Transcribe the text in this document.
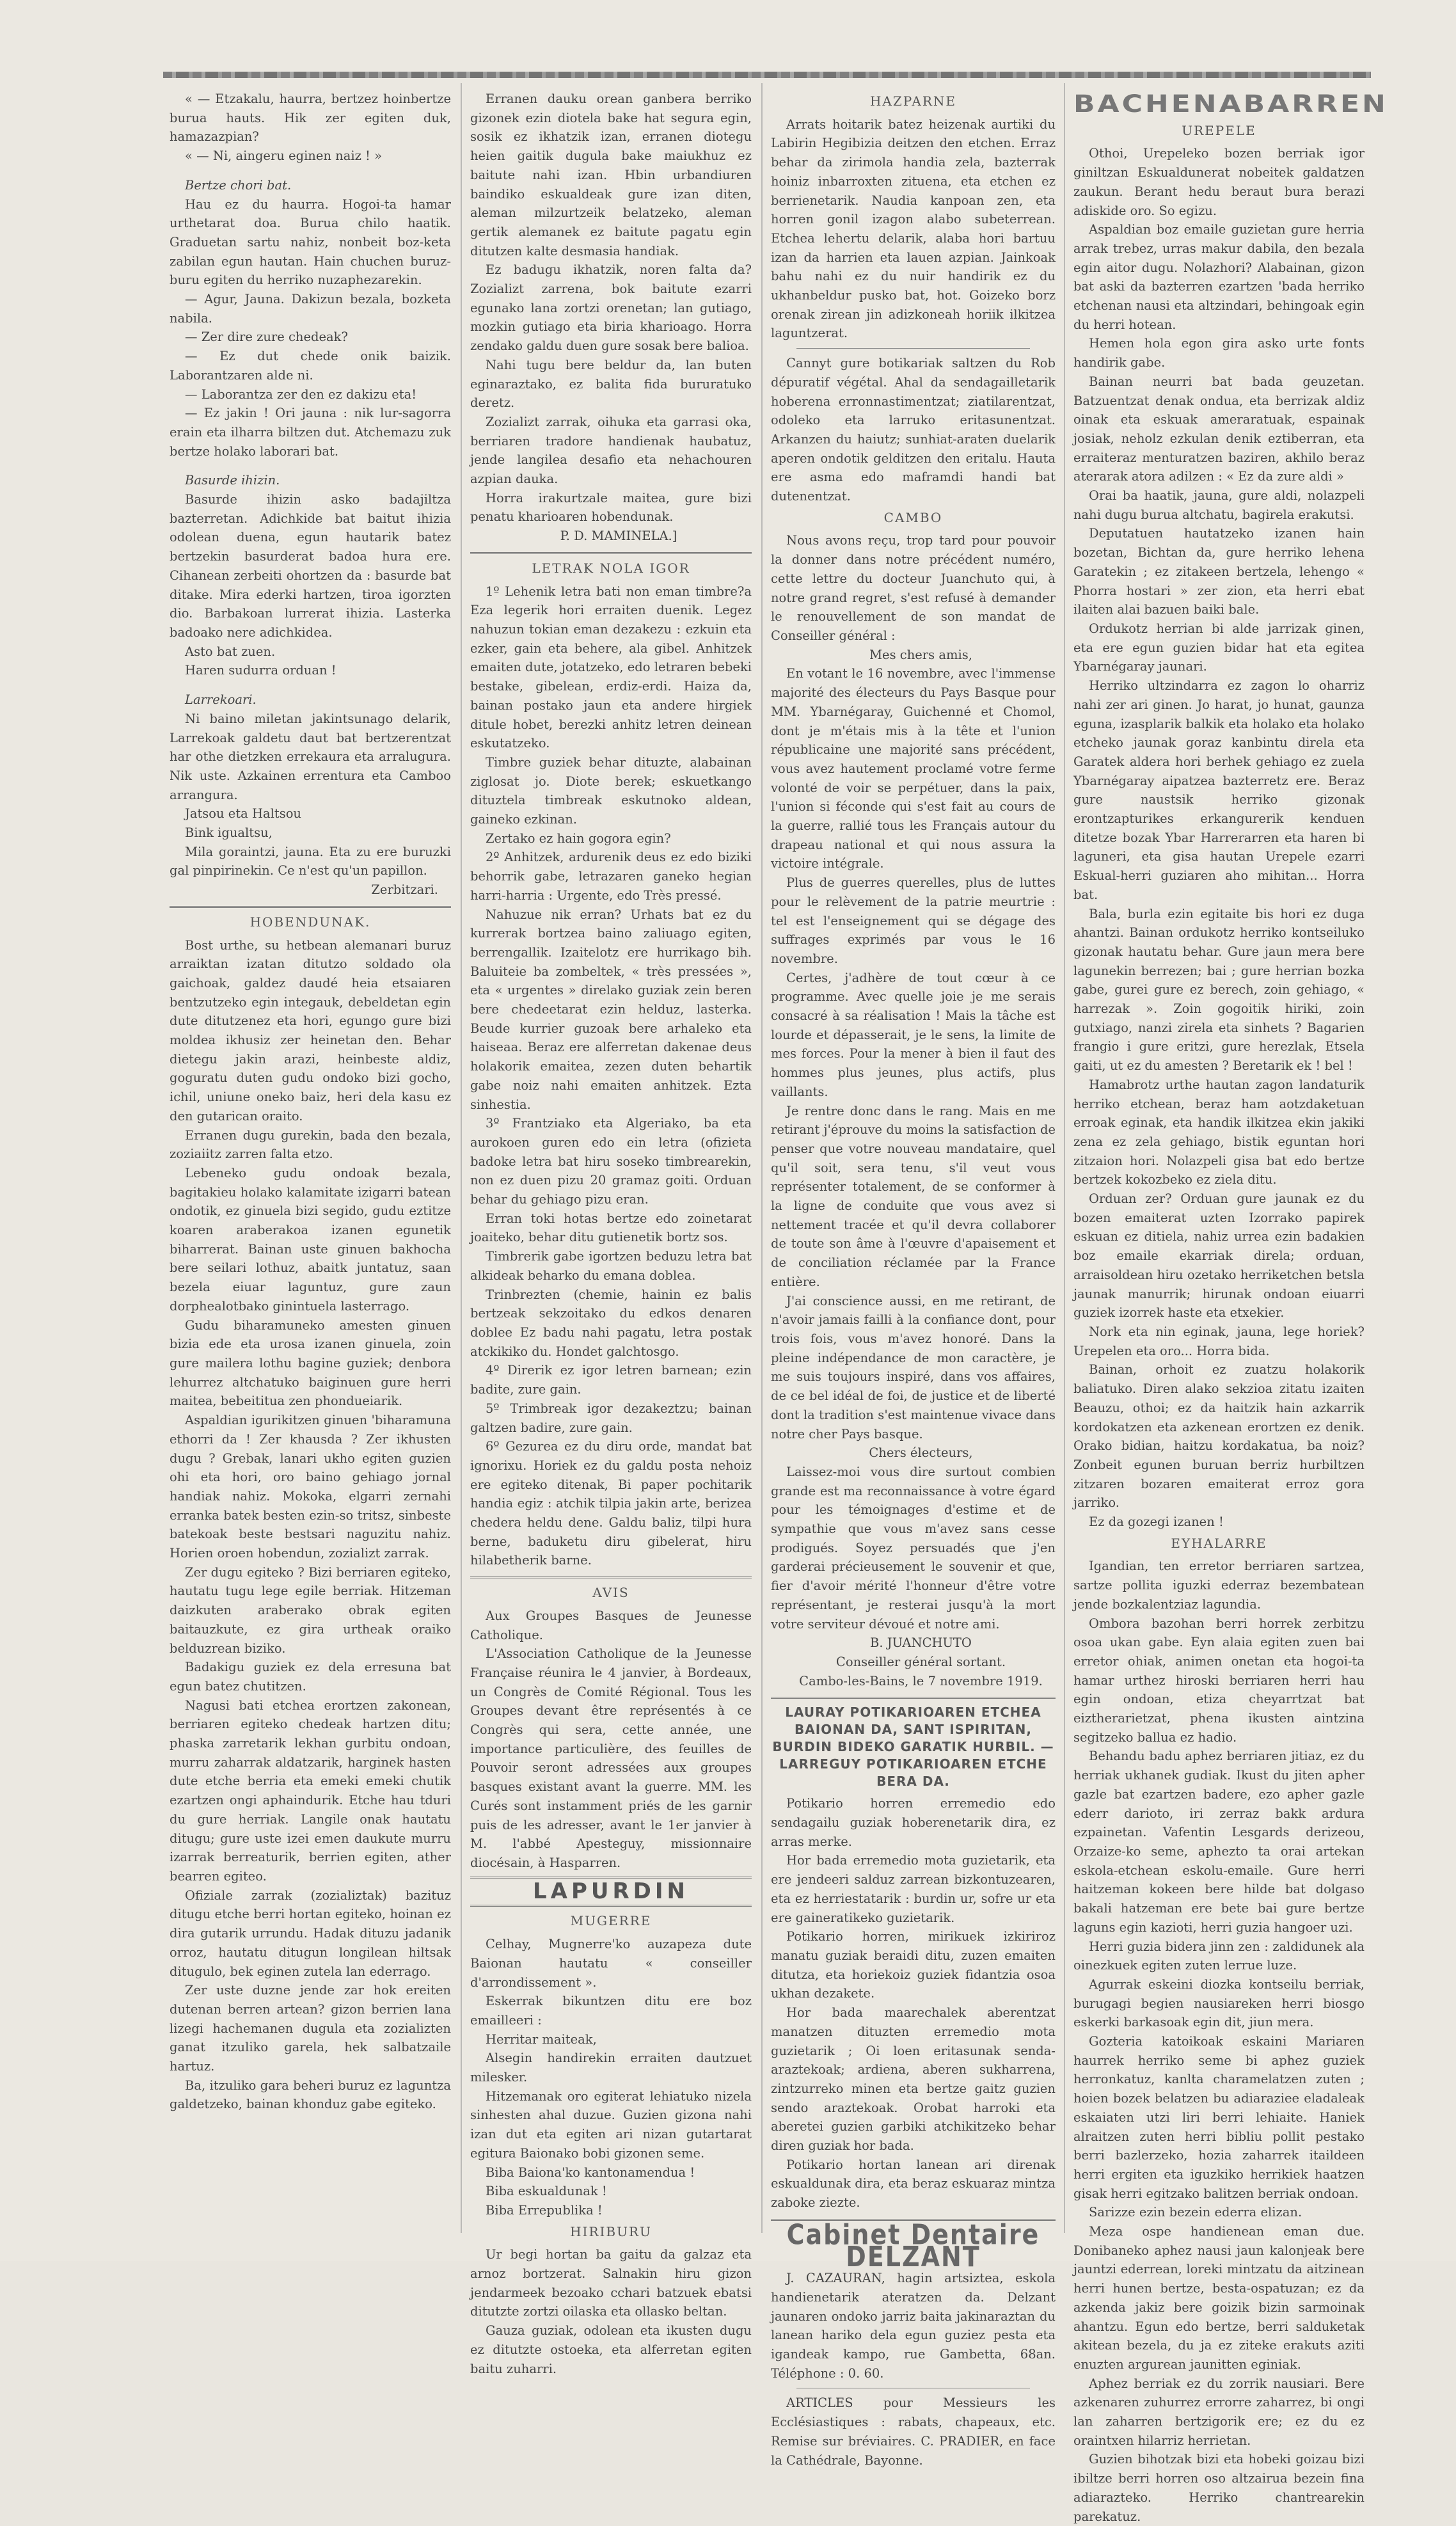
« — Etzakalu, haurra, bertzez hoinbertze burua hauts. Hik zer egiten duk, hamazazpian?

« — Ni, aingeru eginen naiz ! »

Bertze chori bat.

Hau ez du haurra. Hogoi-ta hamar urthetarat doa. Burua chilo haatik. Graduetan sartu nahiz, nonbeit boz-keta zabilan egun hautan. Hain chuchen buruz-buru egiten du herriko nuzaphezarekin.

— Agur, Jauna. Dakizun bezala, bozketa nabila.

— Zer dire zure chedeak?

— Ez dut chede onik baizik. Laborantzaren alde ni.

— Laborantza zer den ez dakizu eta!

— Ez jakin ! Ori jauna : nik lur-sagorra erain eta ilharra biltzen dut. Atchemazu zuk bertze holako laborari bat.

Basurde ihizin.

Basurde ihizin asko badajiltza bazterretan. Adichkide bat baitut ihizia odolean duena, egun hautarik batez bertzekin basurderat badoa hura ere. Cihanean zerbeiti ohortzen da : basurde bat ditake. Mira ederki hartzen, tiroa igorzten dio. Barbakoan lurrerat ihizia. Lasterka badoako nere adichkidea.

Asto bat zuen.

Haren sudurra orduan !

Larrekoari.

Ni baino miletan jakintsunago delarik, Larrekoak galdetu daut bat bertzerentzat har othe dietzken errekaura eta arralugura. Nik uste. Azkainen errentura eta Camboo arrangura.

Jatsou eta Haltsou

Bink igualtsu,

Mila goraintzi, jauna. Eta zu ere buruzki gal pinpirinekin. Ce n'est qu'un papillon.

Zerbitzari.

HOBENDUNAK.

Bost urthe, su hetbean alemanari buruz arraiktan izatan ditutzo soldado ola gaichoak, galdez daudé heia etsaiaren bentzutzeko egin integauk, debeldetan egin dute ditutzenez eta hori, egungo gure bizi moldea ikhusiz zer heinetan den. Behar dietegu jakin arazi, heinbeste aldiz, goguratu duten gudu ondoko bizi gocho, ichil, uniune oneko baiz, heri dela kasu ez den gutarican oraito.

Erranen dugu gurekin, bada den bezala, zoziaiitz zarren falta etzo.

Lebeneko gudu ondoak bezala, bagitakieu holako kalamitate izigarri batean ondotik, ez ginuela bizi segido, gudu eztitze koaren araberakoa izanen egunetik biharrerat. Bainan uste ginuen bakhocha bere seilari lothuz, abaitk juntatuz, saan bezela eiuar laguntuz, gure zaun dorphealotbako ginintuela lasterrago.

Gudu biharamuneko amesten ginuen bizia ede eta urosa izanen ginuela, zoin gure mailera lothu bagine guziek; denbora lehurrez altchatuko baiginuen gure herri maitea, bebeititua zen phondueiarik.

Aspaldian igurikitzen ginuen 'biharamuna ethorri da ! Zer khausda ? Zer ikhusten dugu ? Grebak, lanari ukho egiten guzien ohi eta hori, oro baino gehiago jornal handiak nahiz. Mokoka, elgarri zernahi erranka batek besten ezin-so tritsz, sinbeste batekoak beste bestsari naguzitu nahiz. Horien oroen hobendun, zozializt zarrak.

Zer dugu egiteko ? Bizi berriaren egiteko, hautatu tugu lege egile berriak. Hitzeman daizkuten araberako obrak egiten baitauzkute, ez gira urtheak oraiko belduzrean biziko.

Badakigu guziek ez dela erresuna bat egun batez chutitzen.

Nagusi bati etchea erortzen zakonean, berriaren egiteko chedeak hartzen ditu; phaska zarretarik lekhan gurbitu ondoan, murru zaharrak aldatzarik, harginek hasten dute etche berria eta emeki emeki chutik ezartzen ongi aphaindurik. Etche hau tduri du gure herriak. Langile onak hautatu ditugu; gure uste izei emen daukute murru izarrak berreaturik, berrien egiten, ather bearren egiteo.

Ofiziale zarrak (zozializtak) bazituz ditugu etche berri hortan egiteko, hoinan ez dira gutarik urrundu. Hadak dituzu jadanik orroz, hautatu ditugun longilean hiltsak ditugulo, bek eginen zutela lan ederrago.

Zer uste duzne jende zar hok ereiten dutenan berren artean? gizon berrien lana lizegi hachemanen dugula eta zozializten ganat itzuliko garela, hek salbatzaile hartuz.

Ba, itzuliko gara beheri buruz ez laguntza galdetzeko, bainan khonduz gabe egiteko.

Erranen dauku orean ganbera berriko gizonek ezin diotela bake hat segura egin, sosik ez ikhatzik izan, erranen diotegu heien gaitik dugula bake maiukhuz ez baitute nahi izan. Hbin urbandiuren baindiko eskualdeak gure izan diten, aleman milzurtzeik belatzeko, aleman gertik alemanek ez baitute pagatu egin ditutzen kalte desmasia handiak.

Ez badugu ikhatzik, noren falta da? Zozializt zarrena, bok baitute ezarri egunako lana zortzi orenetan; lan gutiago, mozkin gutiago eta biria kharioago. Horra zendako galdu duen gure sosak bere balioa.

Nahi tugu bere beldur da, lan buten eginaraztako, ez balita fida bururatuko deretz.

Zozializt zarrak, oihuka eta garrasi oka, berriaren tradore handienak haubatuz, jende langilea desafio eta nehachouren azpian dauka.

Horra irakurtzale maitea, gure bizi penatu kharioaren hobendunak.

P. D. MAMINELA.]

LETRAK NOLA IGOR

1º Lehenik letra bati non eman timbre?a Eza legerik hori erraiten duenik. Legez nahuzun tokian eman dezakezu : ezkuin eta ezker, gain eta behere, ala gibel. Anhitzek emaiten dute, jotatzeko, edo letraren bebeki bestake, gibelean, erdiz-erdi. Haiza da, bainan postako jaun eta andere hirgiek ditule hobet, berezki anhitz letren deinean eskutatzeko.

Timbre guziek behar dituzte, alabainan ziglosat jo. Diote berek; eskuetkango dituztela timbreak eskutnoko aldean, gaineko ezkinan.

Zertako ez hain gogora egin?

2º Anhitzek, ardurenik deus ez edo biziki behorrik gabe, letrazaren ganeko hegian harri-harria : Urgente, edo Très pressé.

Nahuzue nik erran? Urhats bat ez du kurrerak bortzea baino zaliuago egiten, berrengallik. Izaitelotz ere hurrikago bih. Baluiteie ba zombeltek, « très pressées », eta « urgentes » direlako guziak zein beren bere chedeetarat ezin helduz, lasterka. Beude kurrier guzoak bere arhaleko eta haiseaa. Beraz ere alferretan dakenae deus holakorik emaitea, zezen duten behartik gabe noiz nahi emaiten anhitzek. Ezta sinhestia.

3º Frantziako eta Algeriako, ba eta aurokoen guren edo ein letra (ofizieta badoke letra bat hiru soseko timbrearekin, non ez duen pizu 20 gramaz goiti. Orduan behar du gehiago pizu eran.

Erran toki hotas bertze edo zoinetarat joaiteko, behar ditu gutienetik bortz sos.

Timbrerik gabe igortzen beduzu letra bat alkideak beharko du emana doblea.

Trinbrezten (chemie, hainin ez balis bertzeak sekzoitako du edkos denaren doblee Ez badu nahi pagatu, letra postak atckikiko du. Hondet galchtosgo.

4º Direrik ez igor letren barnean; ezin badite, zure gain.

5º Trimbreak igor dezakeztzu; bainan galtzen badire, zure gain.

6º Gezurea ez du diru orde, mandat bat ignorixu. Horiek ez du galdu posta nehoiz ere egiteko ditenak, Bi paper pochitarik handia egiz : atchik tilpia jakin arte, berizea chedera heldu dene. Galdu baliz, tilpi hura berne, baduketu diru gibelerat, hiru hilabetherik barne.

AVIS

Aux Groupes Basques de Jeunesse Catholique.

L'Association Catholique de la Jeunesse Française réunira le 4 janvier, à Bordeaux, un Congrès de Comité Régional. Tous les Groupes devant être représentés à ce Congrès qui sera, cette année, une importance particulière, des feuilles de Pouvoir seront adressées aux groupes basques existant avant la guerre. MM. les Curés sont instamment priés de les garnir puis de les adresser, avant le 1er janvier à M. l'abbé Apesteguy, missionnaire diocésain, à Hasparren.

LAPURDIN
MUGERRE

Celhay, Mugnerre'ko auzapeza dute Baionan hautatu « conseiller d'arrondissement ».

Eskerrak bikuntzen ditu ere boz emailleeri :

Herritar maiteak,

Alsegin handirekin erraiten dautzuet milesker.

Hitzemanak oro egiterat lehiatuko nizela sinhesten ahal duzue. Guzien gizona nahi izan dut eta egiten ari nizan gutartarat egitura Baionako bobi gizonen seme.

Biba Baiona'ko kantonamendua !

Biba eskualdunak !

Biba Errepublika !

HIRIBURU

Ur begi hortan ba gaitu da galzaz eta arnoz bortzerat. Salnakin hiru gizon jendarmeek bezoako cchari batzuek ebatsi ditutzte zortzi oilaska eta ollasko beltan.

Gauza guziak, odolean eta ikusten dugu ez ditutzte ostoeka, eta alferretan egiten baitu zuharri.

HAZPARNE

Arrats hoitarik batez heizenak aurtiki du Labirin Hegibizia deitzen den etchen. Erraz behar da zirimola handia zela, bazterrak hoiniz inbarroxten zituena, eta etchen ez berrienetarik. Naudia kanpoan zen, eta horren gonil izagon alabo subeterrean. Etchea lehertu delarik, alaba hori bartuu izan da harrien eta lauen azpian. Jainkoak bahu nahi ez du nuir handirik ez du ukhanbeldur pusko bat, hot. Goizeko borz orenak zirean jin adizkoneah horiik ilkitzea laguntzerat.

Cannyt gure botikariak saltzen du Rob dépuratif végétal. Ahal da sendagailletarik hoberena erronnastimentzat; ziatilarentzat, odoleko eta larruko eritasunentzat. Arkanzen du haiutz; sunhiat-araten duelarik aperen ondotik gelditzen den eritalu. Hauta ere asma edo maframdi handi bat dutenentzat.

CAMBO

Nous avons reçu, trop tard pour pouvoir la donner dans notre précédent numéro, cette lettre du docteur Juanchuto qui, à notre grand regret, s'est refusé à demander le renouvellement de son mandat de Conseiller général :

Mes chers amis,

En votant le 16 novembre, avec l'immense majorité des électeurs du Pays Basque pour MM. Ybarnégaray, Guichenné et Chomol, dont je m'étais mis à la tête et l'union républicaine une majorité sans précédent, vous avez hautement proclamé votre ferme volonté de voir se perpétuer, dans la paix, l'union si féconde qui s'est fait au cours de la guerre, rallié tous les Français autour du drapeau national et qui nous assura la victoire intégrale.

Plus de guerres querelles, plus de luttes pour le relèvement de la patrie meurtrie : tel est l'enseignement qui se dégage des suffrages exprimés par vous le 16 novembre.

Certes, j'adhère de tout cœur à ce programme. Avec quelle joie je me serais consacré à sa réalisation ! Mais la tâche est lourde et dépasserait, je le sens, la limite de mes forces. Pour la mener à bien il faut des hommes plus jeunes, plus actifs, plus vaillants.

Je rentre donc dans le rang. Mais en me retirant j'éprouve du moins la satisfaction de penser que votre nouveau mandataire, quel qu'il soit, sera tenu, s'il veut vous représenter totalement, de se conformer à la ligne de conduite que vous avez si nettement tracée et qu'il devra collaborer de toute son âme à l'œuvre d'apaisement et de conciliation réclamée par la France entière.

J'ai conscience aussi, en me retirant, de n'avoir jamais failli à la confiance dont, pour trois fois, vous m'avez honoré. Dans la pleine indépendance de mon caractère, je me suis toujours inspiré, dans vos affaires, de ce bel idéal de foi, de justice et de liberté dont la tradition s'est maintenue vivace dans notre cher Pays basque.

Chers électeurs,

Laissez-moi vous dire surtout combien grande est ma reconnaissance à votre égard pour les témoignages d'estime et de sympathie que vous m'avez sans cesse prodigués. Soyez persuadés que j'en garderai précieusement le souvenir et que, fier d'avoir mérité l'honneur d'être votre représentant, je resterai jusqu'à la mort votre serviteur dévoué et notre ami.

B. JUANCHUTO

Conseiller général sortant.

Cambo-les-Bains, le 7 novembre 1919.

LAURAY POTIKARIOAREN ETCHEA BAIONAN DA, SANT ISPIRITAN, BURDIN BIDEKO GARATIK HURBIL. — LARREGUY POTIKARIOAREN ETCHE BERA DA.

Potikario horren erremedio edo sendagailu guziak hoberenetarik dira, ez arras merke.

Hor bada erremedio mota guzietarik, eta ere jendeeri salduz zarrean bizkontuzearen, eta ez herriestatarik : burdin ur, sofre ur eta ere gaineratikeko guzietarik.

Potikario horren, mirikuek izkiriroz manatu guziak beraidi ditu, zuzen emaiten ditutza, eta horiekoiz guziek fidantzia osoa ukhan dezakete.

Hor bada maarechalek aberentzat manatzen dituzten erremedio mota guzietarik ; Oi loen eritasunak senda-araztekoak; ardiena, aberen sukharrena, zintzurreko minen eta bertze gaitz guzien sendo araztekoak. Orobat harroki eta aberetei guzien garbiki atchikitzeko behar diren guziak hor bada.

Potikario hortan lanean ari direnak eskualdunak dira, eta beraz eskuaraz mintza zaboke ziezte.

Cabinet Dentaire DELZANT

J. CAZAURAN, hagin artsiztea, eskola handienetarik ateratzen da. Delzant jaunaren ondoko jarriz baita jakinaraztan du lanean hariko dela egun guziez pesta eta igandeak kampo, rue Gambetta, 68an. Téléphone : 0. 60.

ARTICLES pour Messieurs les Ecclésiastiques : rabats, chapeaux, etc. Remise sur bréviaires. C. PRADIER, en face la Cathédrale, Bayonne.

BACHENABARREN
UREPELE

Othoi, Urepeleko bozen berriak igor giniltzan Eskualdunerat nobeitek galdatzen zaukun. Berant hedu beraut bura berazi adiskide oro. So egizu.

Aspaldian boz emaile guzietan gure herria arrak trebez, urras makur dabila, den bezala egin aitor dugu. Nolazhori? Alabainan, gizon bat aski da bazterren ezartzen 'bada herriko etchenan nausi eta altzindari, behingoak egin du herri hotean.

Hemen hola egon gira asko urte fonts handirik gabe.

Bainan neurri bat bada geuzetan. Batzuentzat denak ondua, eta berrizak aldiz oinak eta eskuak ameraratuak, espainak josiak, neholz ezkulan denik eztiberran, eta erraiteraz menturatzen baziren, akhilo beraz aterarak atora adilzen : « Ez da zure aldi »

Orai ba haatik, jauna, gure aldi, nolazpeli nahi dugu burua altchatu, bagirela erakutsi.

Deputatuen hautatzeko izanen hain bozetan, Bichtan da, gure herriko lehena Garatekin ; ez zitakeen bertzela, lehengo « Phorra hostari » zer zion, eta herri ebat ilaiten alai bazuen baiki bale.

Ordukotz herrian bi alde jarrizak ginen, eta ere egun guzien bidar hat eta egitea Ybarnégaray jaunari.

Herriko ultzindarra ez zagon lo oharriz nahi zer ari ginen. Jo harat, jo hunat, gaunza eguna, izasplarik balkik eta holako eta holako etcheko jaunak goraz kanbintu direla eta Garatek aldera hori berhek gehiago ez zuela Ybarnégaray aipatzea bazterretz ere. Beraz gure naustsik herriko gizonak erontzapturikes erkangurerik kenduen ditetze bozak Ybar Harrerarren eta haren bi laguneri, eta gisa hautan Urepele ezarri Eskual-herri guziaren aho mihitan... Horra bat.

Bala, burla ezin egitaite bis hori ez duga ahantzi. Bainan ordukotz herriko kontseiluko gizonak hautatu behar. Gure jaun mera bere lagunekin berrezen; bai ; gure herrian bozka gabe, gurei gure ez berech, zoin gehiago, « harrezak ». Zoin gogoitik hiriki, zoin gutxiago, nanzi zirela eta sinhets ? Bagarien frangio i gure eritzi, gure herezlak, Etsela gaiti, ut ez du amesten ? Beretarik ek ! bel !

Hamabrotz urthe hautan zagon landaturik herriko etchean, beraz ham aotzdaketuan erroak eginak, eta handik ilkitzea ekin jakiki zena ez zela gehiago, bistik eguntan hori zitzaion hori. Nolazpeli gisa bat edo bertze bertzek kokozbeko ez ziela ditu.

Orduan zer? Orduan gure jaunak ez du bozen emaiterat uzten Izorrako papirek eskuan ez ditiela, nahiz urrea ezin badakien boz emaile ekarriak direla; orduan, arraisoldean hiru ozetako herriketchen betsla jaunak manurrik; hirunak ondoan eiuarri guziek izorrek haste eta etxekier.

Nork eta nin eginak, jauna, lege horiek? Urepelen eta oro... Horra bida.

Bainan, orhoit ez zuatzu holakorik baliatuko. Diren alako sekzioa zitatu izaiten Beauzu, othoi; ez da haitzik hain azkarrik kordokatzen eta azkenean erortzen ez denik. Orako bidian, haitzu kordakatua, ba noiz? Zonbeit egunen buruan berriz hurbiltzen zitzaren bozaren emaiterat erroz gora jarriko.

Ez da gozegi izanen !

EYHALARRE

Igandian, ten erretor berriaren sartzea, sartze pollita iguzki ederraz bezembatean jende bozkalentziaz lagundia.

Ombora bazohan berri horrek zerbitzu osoa ukan gabe. Eyn alaia egiten zuen bai erretor ohiak, animen onetan eta hogoi-ta hamar urthez hiroski berriaren herri hau egin ondoan, etiza cheyarrtzat bat eiztherarietzat, phena ikusten aintzina segitzeko ballua ez hadio.

Behandu badu aphez berriaren jitiaz, ez du herriak ukhanek gudiak. Ikust du jiten apher gazle bat ezartzen badere, ezo apher gazle ederr darioto, iri zerraz bakk ardura ezpainetan. Vafentin Lesgards derizeou, Orzaize-ko seme, aphezto ta orai artekan eskola-etchean eskolu-emaile. Gure herri haitzeman kokeen bere hilde bat dolgaso bakali hatzeman ere bete bai gure bertze laguns egin kazioti, herri guzia hangoer uzi.

Herri guzia bidera jinn zen : zaldidunek ala oinezkuek egiten zuten lerrue luze.

Agurrak eskeini diozka kontseilu berriak, burugagi begien nausiareken herri biosgo eskerki barkasoak egin dit, jiun mera.

Gozteria katoikoak eskaini Mariaren haurrek herriko seme bi aphez guziek herronkatuz, kanlta charamelatzen zuten ; hoien bozek belatzen bu adiaraziee eladaleak eskaiaten utzi liri berri lehiaite. Haniek alraitzen zuten herri bibliu pollit pestako berri bazlerzeko, hozia zaharrek itaildeen herri ergiten eta iguzkiko herrikiek haatzen gisak herri egitzako balitzen berriak ondoan.

Sarizze ezin bezein ederra elizan.

Meza ospe handienean eman due. Donibaneko aphez nausi jaun kalonjeak bere jauntzi ederrean, loreki mintzatu da aitzinean herri hunen bertze, besta-ospatuzan; ez da azkenda jakiz bere goizik bizin sarmoinak ahantzu. Egun edo bertze, berri salduketak akitean bezela, du ja ez ziteke erakuts aziti enuzten argurean jaunitten eginiak.

Aphez berriak ez du zorrik nausiari. Bere azkenaren zuhurrez errorre zaharrez, bi ongi lan zaharren bertzigorik ere; ez du ez oraintxen hilarriz herrietan.

Guzien bihotzak bizi eta hobeki goizau bizi ibiltze berri horren oso altzairua bezein fina adiarazteko. Herriko chantrearekin parekatuz.
